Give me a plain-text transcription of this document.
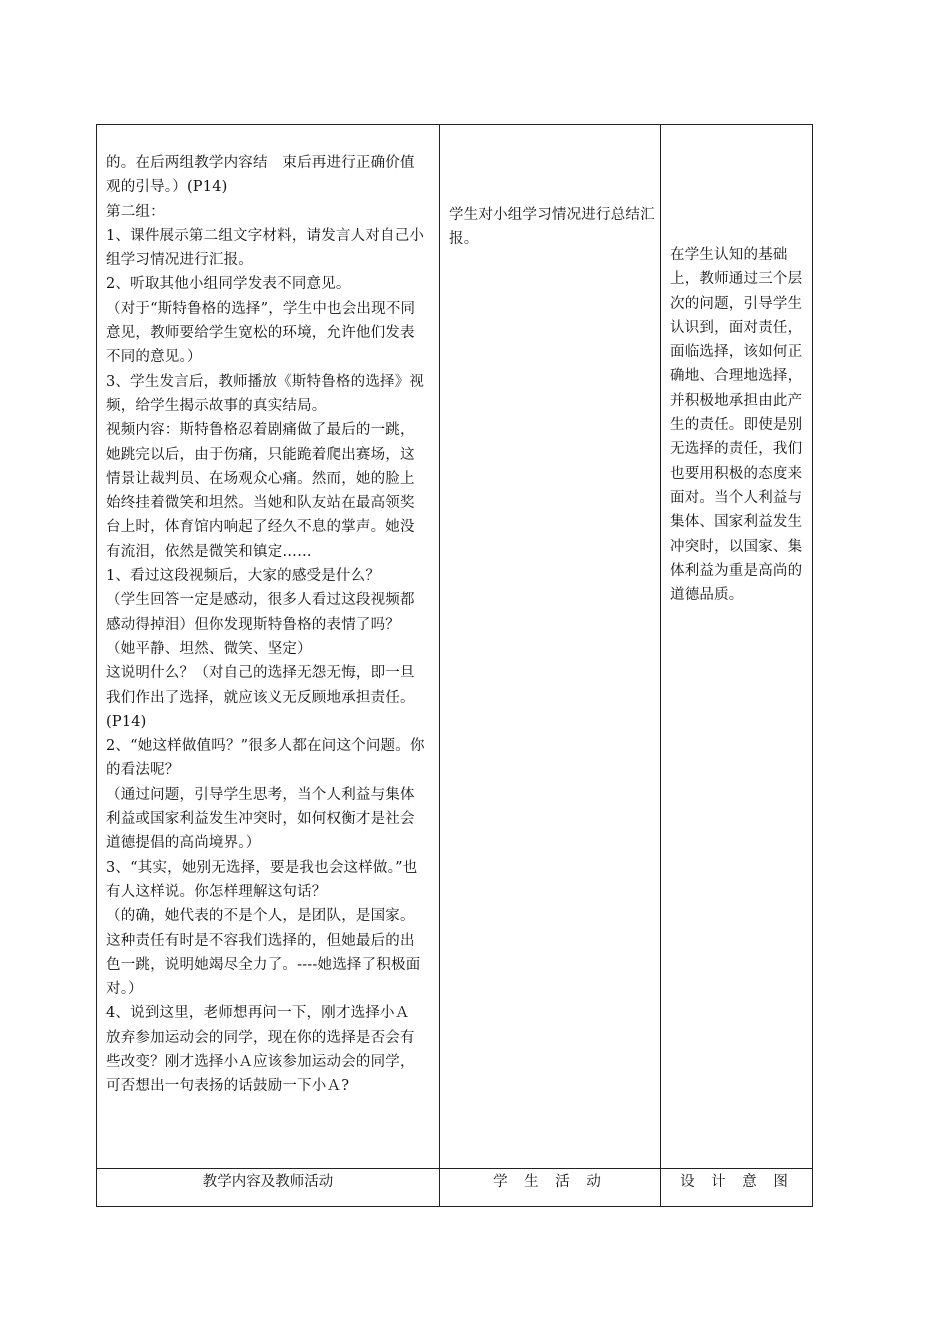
的。在后两组教学内容结　束后再进行正确价值观的引导。）(P14)

第二组：

1、课件展示第二组文字材料，请发言人对自己小组学习情况进行汇报。

2、听取其他小组同学发表不同意见。

（对于“斯特鲁格的选择”，学生中也会出现不同意见，教师要给学生宽松的环境，允许他们发表不同的意见。）

3、学生发言后，教师播放《斯特鲁格的选择》视频，给学生揭示故事的真实结局。

视频内容：斯特鲁格忍着剧痛做了最后的一跳，她跳完以后，由于伤痛，只能跪着爬出赛场，这情景让裁判员、在场观众心痛。然而，她的脸上始终挂着微笑和坦然。当她和队友站在最高领奖台上时，体育馆内响起了经久不息的掌声。她没有流泪，依然是微笑和镇定……

1、看过这段视频后，大家的感受是什么？

（学生回答一定是感动，很多人看过这段视频都感动得掉泪）但你发现斯特鲁格的表情了吗？（她平静、坦然、微笑、坚定）

这说明什么？（对自己的选择无怨无悔，即一旦我们作出了选择，就应该义无反顾地承担责任。(P14)

2、“她这样做值吗？”很多人都在问这个问题。你的看法呢？

（通过问题，引导学生思考，当个人利益与集体利益或国家利益发生冲突时，如何权衡才是社会道德提倡的高尚境界。）

3、“其实，她别无选择，要是我也会这样做。”也有人这样说。你怎样理解这句话？

（的确，她代表的不是个人，是团队，是国家。这种责任有时是不容我们选择的，但她最后的出色一跳，说明她竭尽全力了。----她选择了积极面对。）

4、说到这里，老师想再问一下，刚才选择小Ａ 放弃参加运动会的同学，现在你的选择是否会有些改变？刚才选择小Ａ应该参加运动会的同学，可否想出一句表扬的话鼓励一下小Ａ?

学生对小组学习情况进行总结汇报。

在学生认知的基础上，教师通过三个层次的问题，引导学生认识到，面对责任，面临选择，该如何正确地、合理地选择，并积极地承担由此产生的责任。即使是别无选择的责任，我们也要用积极的态度来面对。当个人利益与集体、国家利益发生冲突时，以国家、集体利益为重是高尚的道德品质。

教学内容及教师活动	学 生 活 动	设 计 意 图
